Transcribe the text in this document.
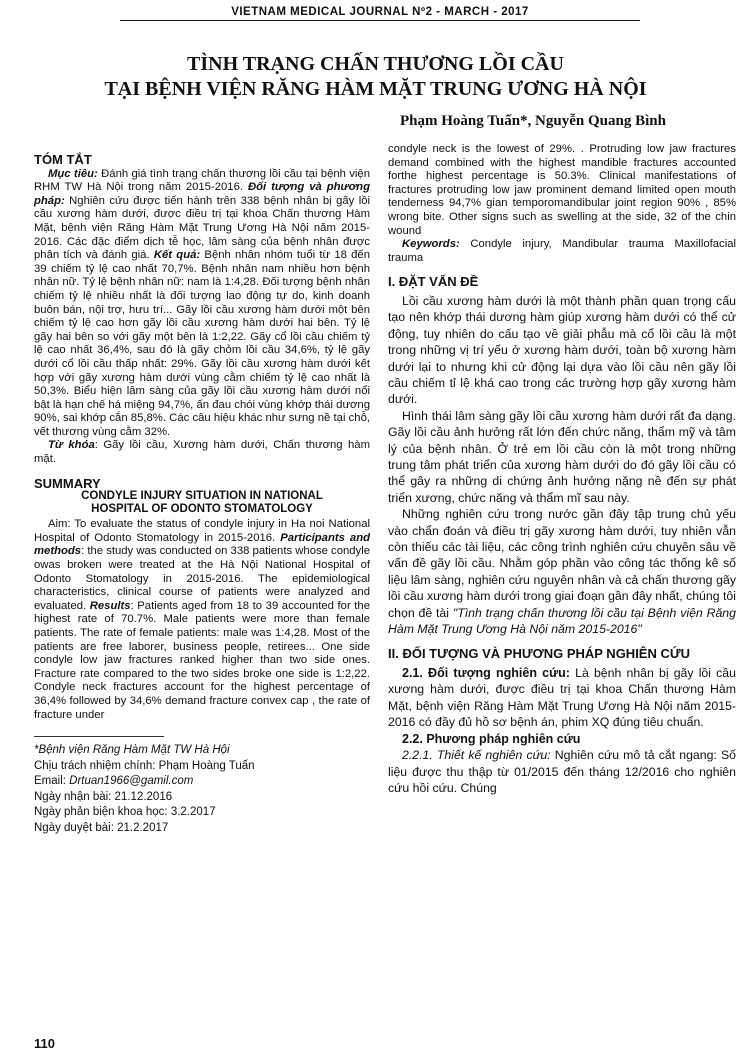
VIETNAM MEDICAL JOURNAL Nº2 - MARCH - 2017
TÌNH TRẠNG CHẤN THƯƠNG LỒI CẦU
TẠI BỆNH VIỆN RĂNG HÀM MẶT TRUNG ƯƠNG HÀ NỘI
Phạm Hoàng Tuấn*, Nguyễn Quang Bình
TÓM TẮT

Mục tiêu: Đánh giá tình trạng chấn thương lồi cầu tại bệnh viện RHM TW Hà Nội trong năm 2015-2016. Đối tượng và phương pháp: Nghiên cứu được tiến hành trên 338 bệnh nhân bị gãy lồi cầu xương hàm dưới, được điều trị tại khoa Chấn thương Hàm Mặt, bệnh viện Răng Hàm Mặt Trung Ương Hà Nội năm 2015-2016. Các đặc điểm dịch tễ học, lâm sàng của bệnh nhân được phân tích và đánh giá. Kết quả: Bệnh nhân nhóm tuổi từ 18 đến 39 chiếm tỷ lệ cao nhất 70,7%. Bệnh nhân nam nhiều hơn bệnh nhân nữ. Tỷ lệ bệnh nhân nữ: nam là 1:4,28. Đối tượng bệnh nhân chiếm tỷ lệ nhiều nhất là đối tượng lao động tự do, kinh doanh buôn bán, nội trợ, hưu trí... Gãy lồi cầu xương hàm dưới một bên chiếm tỷ lệ cao hơn gãy lồi cầu xương hàm dưới hai bên. Tỷ lệ gãy hai bên so với gãy một bên là 1:2,22. Gãy cổ lồi cầu chiếm tỷ lệ cao nhất 36,4%, sau đó là gãy chỏm lồi cầu 34,6%, tỷ lệ gãy dưới cổ lồi cầu thấp nhất: 29%. Gãy lồi cầu xương hàm dưới kết hợp với gãy xương hàm dưới vùng cằm chiếm tỷ lệ cao nhất là 50,3%. Biểu hiện lâm sàng của gãy lồi cầu xương hàm dưới nổi bật là hạn chế há miệng 94,7%, ấn đau chói vùng khớp thái dương 90%, sai khớp cắn 85,8%. Các câu hiệu khác như sưng nề tại chỗ, vết thương vùng cằm 32%.

Từ khóa: Gãy lồi cầu, Xương hàm dưới, Chấn thương hàm mặt.

SUMMARY
CONDYLE INJURY SITUATION IN NATIONAL
HOSPITAL OF ODONTO STOMATOLOGY

Aim: To evaluate the status of condyle injury in Ha noi National Hospital of Odonto Stomatology in 2015-2016. Participants and methods: the study was conducted on 338 patients whose condyle owas broken were treated at the Hà Nội National Hospital of Odonto Stomatology in 2015-2016. The epidemiological characteristics, clinical course of patients were analyzed and evaluated. Results: Patients aged from 18 to 39 accounted for the highest rate of 70.7%. Male patients were more than female patients. The rate of female patients: male was 1:4,28. Most of the patients are free laborer, business people, retirees... One side condyle low jaw fractures ranked higher than two side ones. Fracture rate compared to the two sides broke one side is 1:2,22. Condyle neck fractures account for the highest percentage of 36,4% followed by 34,6% demand fracture convex cap , the rate of fracture under

*Bệnh viện Răng Hàm Mặt TW Hà Hội
Chịu trách nhiệm chính: Phạm Hoàng Tuấn
Email: Drtuan1966@gamil.com
Ngày nhận bài: 21.12.2016
Ngày phản biện khoa học: 3.2.2017
Ngày duyệt bài: 21.2.2017

condyle neck is the lowest of 29%. . Protruding low jaw fractures demand combined with the highest mandible fractures accounted forthe highest percentage is 50.3%. Clinical manifestations of fractures protruding low jaw prominent demand limited open mouth tenderness 94,7% gian temporomandibular joint region 90% , 85% wrong bite. Other signs such as swelling at the side, 32 of the chin wound

Keywords: Condyle injury, Mandibular trauma Maxillofacial trauma

I. ĐẶT VẤN ĐỀ

Lồi cầu xương hàm dưới là một thành phần quan trọng cấu tạo nên khớp thái dương hàm giúp xương hàm dưới có thể cử động, tuy nhiên do cấu tạo về giải phẫu mà cổ lồi cầu là một trong những vị trí yếu ở xương hàm dưới, toàn bộ xương hàm dưới lại to nhưng khi cử động lại dựa vào lồi cầu nên gãy lồi cầu chiếm tỉ lệ khá cao trong các trường hợp gãy xương hàm dưới.

Hình thái lâm sàng gãy lồi cầu xương hàm dưới rất đa dạng. Gãy lồi cầu ảnh hưởng rất lớn đến chức năng, thẩm mỹ và tâm lý của bệnh nhân. Ở trẻ em lồi cầu còn là một trong những trung tâm phát triển của xương hàm dưới do đó gãy lồi cầu có thể gây ra những di chứng ảnh hưởng nặng nề đến sự phát triển xương, chức năng và thẩm mĩ sau này.

Những nghiên cứu trong nước gần đây tập trung chủ yếu vào chẩn đoán và điều trị gãy xương hàm dưới, tuy nhiên vẫn còn thiếu các tài liệu, các công trình nghiên cứu chuyên sâu về vấn đề gãy lồi cầu. Nhằm góp phần vào công tác thống kê số liệu lâm sàng, nghiên cứu nguyên nhân và cả chấn thương gãy lồi cầu xương hàm dưới trong giai đoạn gần đây nhất, chúng tôi chọn đề tài "Tình trạng chấn thương lồi cầu tại Bệnh viện Răng Hàm Mặt Trung Ương Hà Nội năm 2015-2016"

II. ĐỐI TƯỢNG VÀ PHƯƠNG PHÁP NGHIÊN CỨU

2.1. Đối tượng nghiên cứu: Là bệnh nhân bị gãy lồi cầu xương hàm dưới, được điều trị tại khoa Chấn thương Hàm Mặt, bệnh viện Răng Hàm Mặt Trung Ương Hà Nội năm 2015-2016 có đầy đủ hồ sơ bệnh án, phim XQ đúng tiêu chuẩn.

2.2. Phương pháp nghiên cứu

2.2.1. Thiết kế nghiên cứu: Nghiên cứu mô tả cắt ngang: Số liệu được thu thập từ 01/2015 đến tháng 12/2016 cho nghiên cứu hồi cứu. Chúng

110
